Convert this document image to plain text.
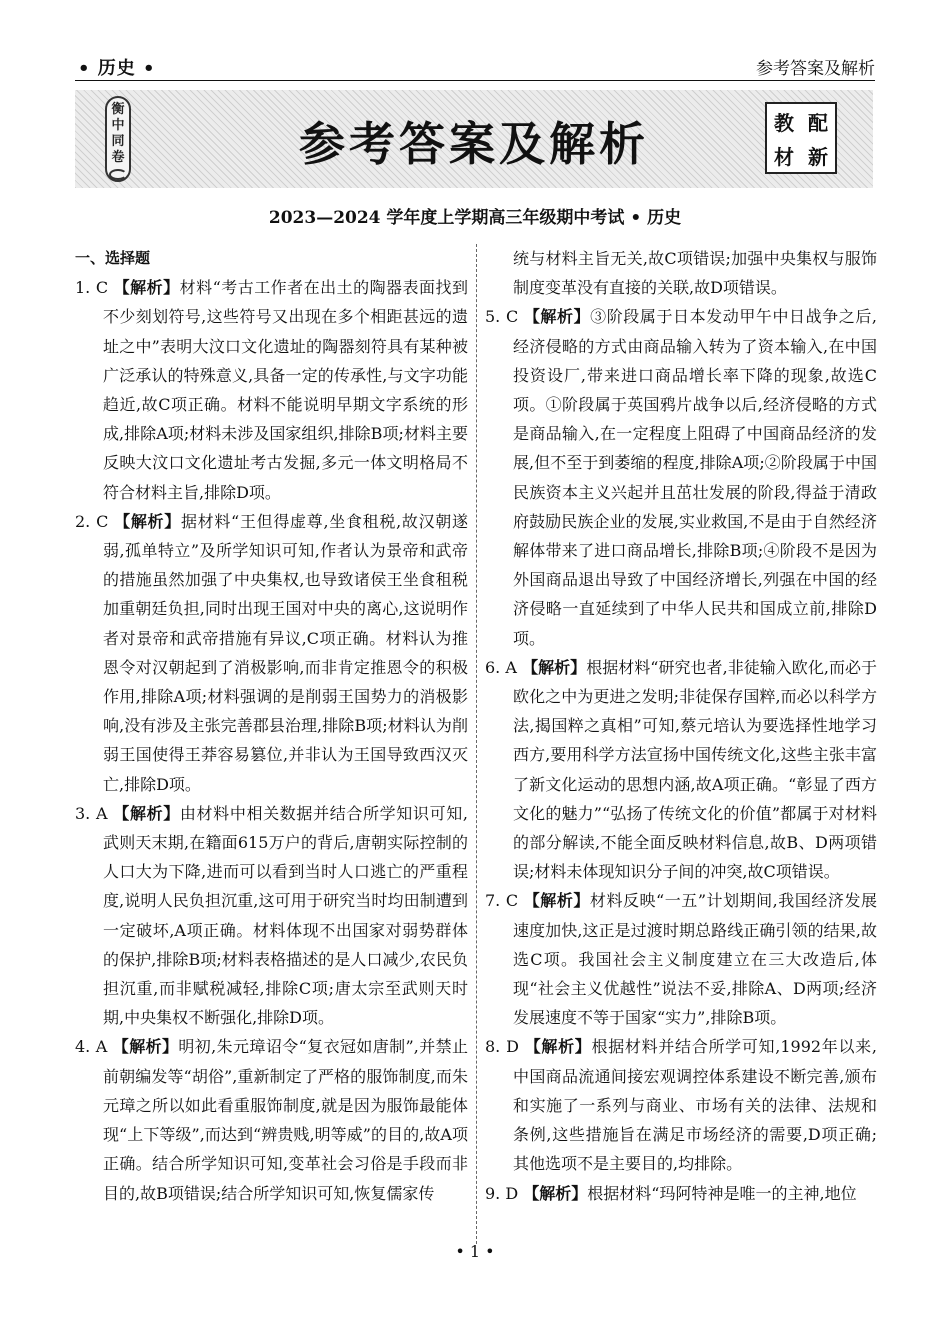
• 历史 •	参考答案及解析
衡
中
同
卷	参考答案及解析	教 配
材 新
2023—2024 学年度上学期高三年级期中考试 • 历史
一、选择题

1. C 【解析】材料“考古工作者在出土的陶器表面找到不少刻划符号,这些符号又出现在多个相距甚远的遗址之中”表明大汶口文化遗址的陶器刻符具有某种被广泛承认的特殊意义,具备一定的传承性,与文字功能趋近,故C项正确。材料不能说明早期文字系统的形成,排除A项;材料未涉及国家组织,排除B项;材料主要反映大汶口文化遗址考古发掘,多元一体文明格局不符合材料主旨,排除D项。

2. C 【解析】据材料“王但得虚尊,坐食租税,故汉朝遂弱,孤单特立”及所学知识可知,作者认为景帝和武帝的措施虽然加强了中央集权,也导致诸侯王坐食租税加重朝廷负担,同时出现王国对中央的离心,这说明作者对景帝和武帝措施有异议,C项正确。材料认为推恩令对汉朝起到了消极影响,而非肯定推恩令的积极作用,排除A项;材料强调的是削弱王国势力的消极影响,没有涉及主张完善郡县治理,排除B项;材料认为削弱王国使得王莽容易篡位,并非认为王国导致西汉灭亡,排除D项。

3. A 【解析】由材料中相关数据并结合所学知识可知,武则天末期,在籍面615万户的背后,唐朝实际控制的人口大为下降,进而可以看到当时人口逃亡的严重程度,说明人民负担沉重,这可用于研究当时均田制遭到一定破坏,A项正确。材料体现不出国家对弱势群体的保护,排除B项;材料表格描述的是人口减少,农民负担沉重,而非赋税减轻,排除C项;唐太宗至武则天时期,中央集权不断强化,排除D项。

4. A 【解析】明初,朱元璋诏令“复衣冠如唐制”,并禁止前朝编发等“胡俗”,重新制定了严格的服饰制度,而朱元璋之所以如此看重服饰制度,就是因为服饰最能体现“上下等级”,而达到“辨贵贱,明等威”的目的,故A项正确。结合所学知识可知,变革社会习俗是手段而非目的,故B项错误;结合所学知识可知,恢复儒家传

统与材料主旨无关,故C项错误;加强中央集权与服饰制度变革没有直接的关联,故D项错误。

5. C 【解析】③阶段属于日本发动甲午中日战争之后,经济侵略的方式由商品输入转为了资本输入,在中国投资设厂,带来进口商品增长率下降的现象,故选C项。①阶段属于英国鸦片战争以后,经济侵略的方式是商品输入,在一定程度上阻碍了中国商品经济的发展,但不至于到萎缩的程度,排除A项;②阶段属于中国民族资本主义兴起并且茁壮发展的阶段,得益于清政府鼓励民族企业的发展,实业救国,不是由于自然经济解体带来了进口商品增长,排除B项;④阶段不是因为外国商品退出导致了中国经济增长,列强在中国的经济侵略一直延续到了中华人民共和国成立前,排除D项。

6. A 【解析】根据材料“研究也者,非徒输入欧化,而必于欧化之中为更进之发明;非徒保存国粹,而必以科学方法,揭国粹之真相”可知,蔡元培认为要选择性地学习西方,要用科学方法宣扬中国传统文化,这些主张丰富了新文化运动的思想内涵,故A项正确。“彰显了西方文化的魅力”“弘扬了传统文化的价值”都属于对材料的部分解读,不能全面反映材料信息,故B、D两项错误;材料未体现知识分子间的冲突,故C项错误。

7. C 【解析】材料反映“一五”计划期间,我国经济发展速度加快,这正是过渡时期总路线正确引领的结果,故选C项。我国社会主义制度建立在三大改造后,体现“社会主义优越性”说法不妥,排除A、D两项;经济发展速度不等于国家“实力”,排除B项。

8. D 【解析】根据材料并结合所学可知,1992年以来,中国商品流通间接宏观调控体系建设不断完善,颁布和实施了一系列与商业、市场有关的法律、法规和条例,这些措施旨在满足市场经济的需要,D项正确;其他选项不是主要目的,均排除。

9. D 【解析】根据材料“玛阿特神是唯一的主神,地位

• 1 •
